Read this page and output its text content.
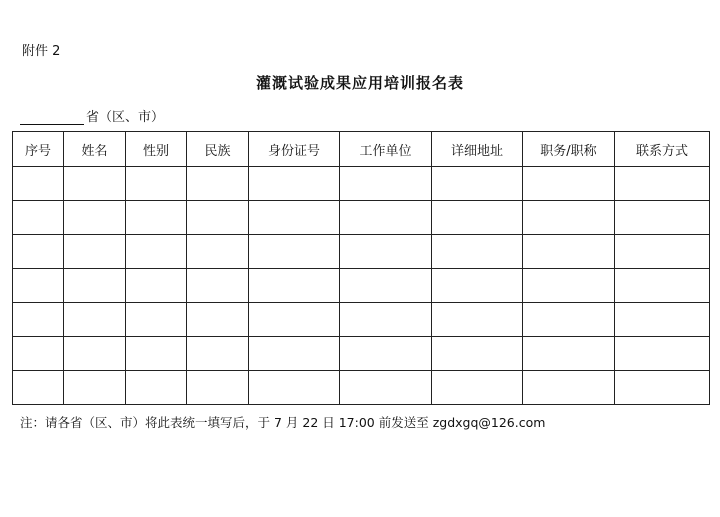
附件 2
灌溉试验成果应用培训报名表
省（区、市）
序号	姓名	性别	民族	身份证号	工作单位	详细地址	职务/职称	联系方式

注：请各省（区、市）将此表统一填写后，于 7 月 22 日 17:00 前发送至 zgdxgq@126.com
